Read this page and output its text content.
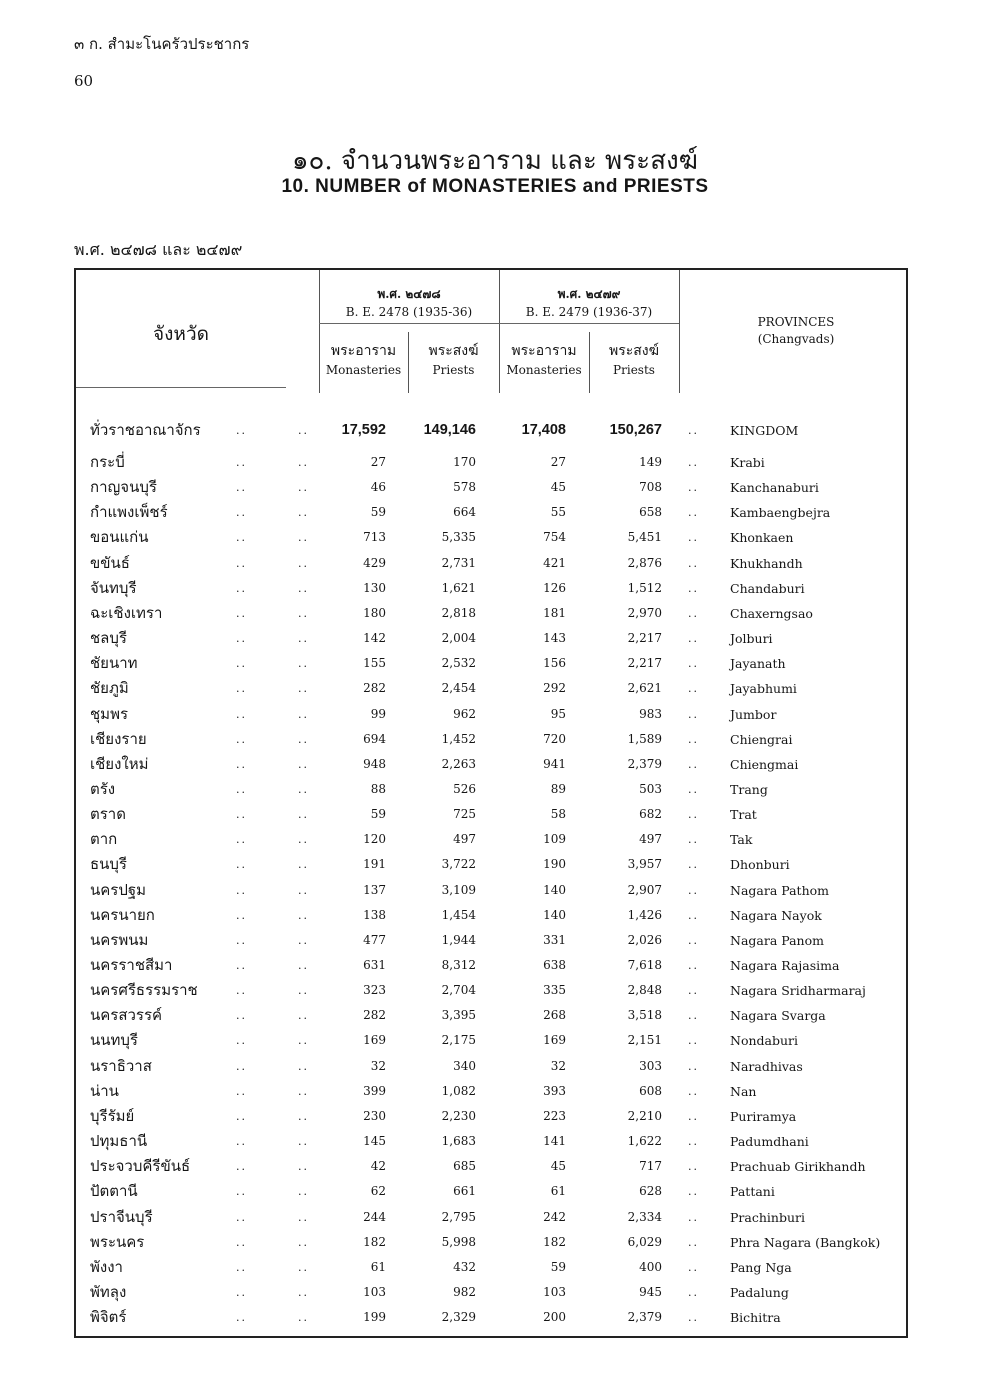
๓ ก. สำมะโนครัวประชากร
60
๑๐. จำนวนพระอาราม และ พระสงฆ์
10. NUMBER of MONASTERIES and PRIESTS
พ.ศ. ๒๔๗๘ และ ๒๔๗๙
จังหวัด
พ.ศ. ๒๔๗๘
B. E. 2478 (1935-36)
พ.ศ. ๒๔๗๙
B. E. 2479 (1936-37)
พระอาราม
Monasteries
พระสงฆ์
Priests
พระอาราม
Monasteries
พระสงฆ์
Priests
PROVINCES
(Changvads)
ทั่วราชอาณาจักร	..	..	17,592	149,146	17,408	150,267 .. KINGDOM
กระบี่	..	..	27	170	27	149 .. Krabi
กาญจนบุรี	..	..	46	578	45	708 .. Kanchanaburi
กำแพงเพ็ชร์	..	..	59	664	55	658 .. Kambaengbejra
ขอนแก่น	..	..	713	5,335	754	5,451 .. Khonkaen
ขขันธ์	..	..	429	2,731	421	2,876 .. Khukhandh
จันทบุรี	..	..	130	1,621	126	1,512 .. Chandaburi
ฉะเชิงเทรา	..	..	180	2,818	181	2,970 .. Chaxerngsao
ชลบุรี	..	..	142	2,004	143	2,217 .. Jolburi
ชัยนาท	..	..	155	2,532	156	2,217 .. Jayanath
ชัยภูมิ	..	..	282	2,454	292	2,621 .. Jayabhumi
ชุมพร	..	..	99	962	95	983 .. Jumbor
เชียงราย	..	..	694	1,452	720	1,589 .. Chiengrai
เชียงใหม่	..	..	948	2,263	941	2,379 .. Chiengmai
ตรัง	..	..	88	526	89	503 .. Trang
ตราด	..	..	59	725	58	682 .. Trat
ตาก	..	..	120	497	109	497 .. Tak
ธนบุรี	..	..	191	3,722	190	3,957 .. Dhonburi
นครปฐม	..	..	137	3,109	140	2,907 .. Nagara Pathom
นครนายก	..	..	138	1,454	140	1,426 .. Nagara Nayok
นครพนม	..	..	477	1,944	331	2,026 .. Nagara Panom
นครราชสีมา	..	..	631	8,312	638	7,618 .. Nagara Rajasima
นครศรีธรรมราช	..	..	323	2,704	335	2,848 .. Nagara Sridharmaraj
นครสวรรค์	..	..	282	3,395	268	3,518 .. Nagara Svarga
นนทบุรี	..	..	169	2,175	169	2,151 .. Nondaburi
นราธิวาส	..	..	32	340	32	303 .. Naradhivas
น่าน	..	..	399	1,082	393	608 .. Nan
บุรีรัมย์	..	..	230	2,230	223	2,210 .. Puriramya
ปทุมธานี	..	..	145	1,683	141	1,622 .. Padumdhani
ประจวบคีรีขันธ์	..	..	42	685	45	717 .. Prachuab Girikhandh
ปัตตานี	..	..	62	661	61	628 .. Pattani
ปราจีนบุรี	..	..	244	2,795	242	2,334 .. Prachinburi
พระนคร	..	..	182	5,998	182	6,029 .. Phra Nagara (Bangkok)
พังงา	..	..	61	432	59	400 .. Pang Nga
พัทลุง	..	..	103	982	103	945 .. Padalung
พิจิตร์	..	..	199	2,329	200	2,379 .. Bichitra
